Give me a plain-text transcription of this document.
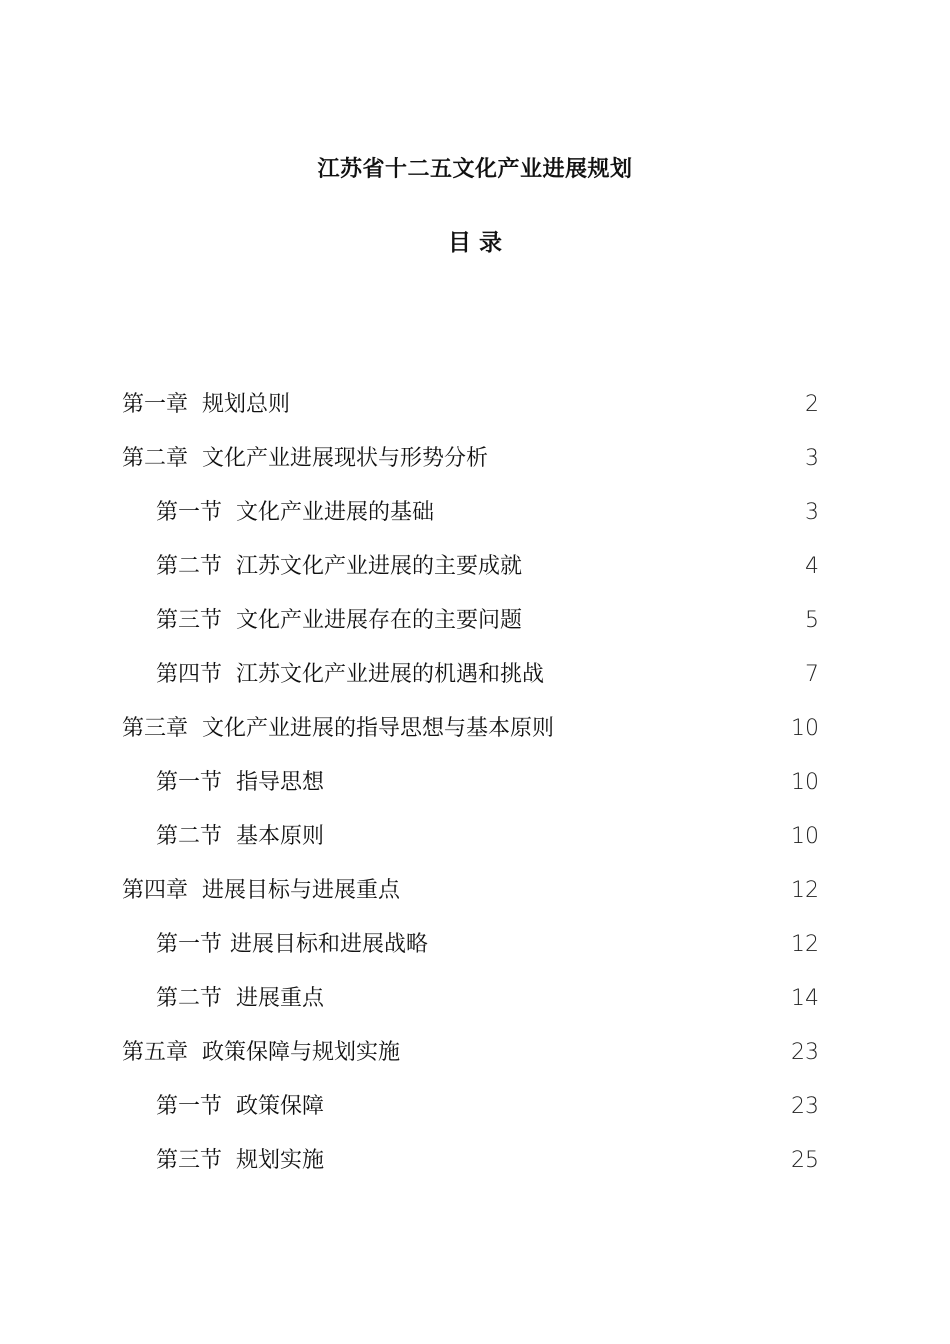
江苏省十二五文化产业进展规划
目 录
第一章 规划总则	2
第二章 文化产业进展现状与形势分析	3
第一节 文化产业进展的基础	3
第二节 江苏文化产业进展的主要成就	4
第三节 文化产业进展存在的主要问题	5
第四节 江苏文化产业进展的机遇和挑战	7
第三章 文化产业进展的指导思想与基本原则	10
第一节 指导思想	10
第二节 基本原则	10
第四章 进展目标与进展重点	12
第一节 进展目标和进展战略	12
第二节 进展重点	14
第五章 政策保障与规划实施	23
第一节 政策保障	23
第三节 规划实施	25
